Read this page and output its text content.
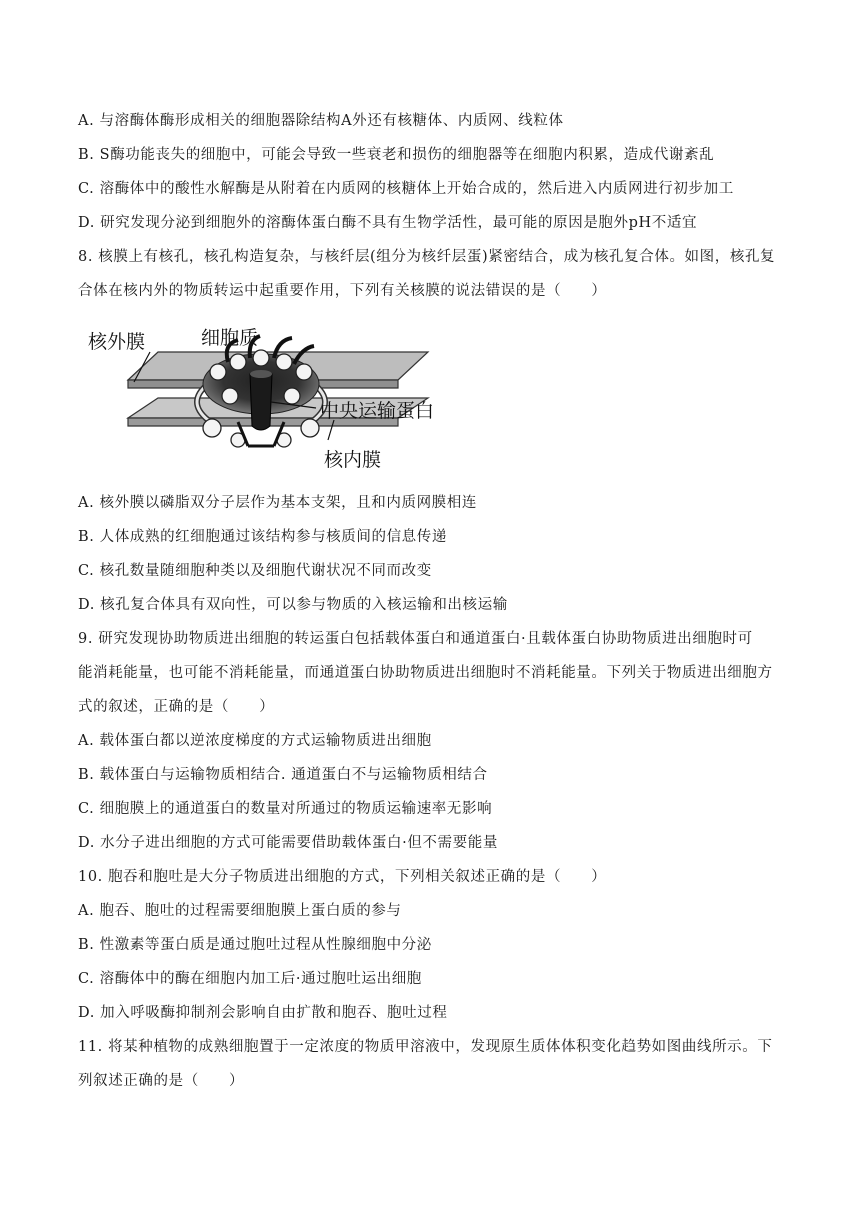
A. 与溶酶体酶形成相关的细胞器除结构A外还有核糖体、内质网、线粒体
B. S酶功能丧失的细胞中，可能会导致一些衰老和损伤的细胞器等在细胞内积累，造成代谢紊乱
C. 溶酶体中的酸性水解酶是从附着在内质网的核糖体上开始合成的，然后进入内质网进行初步加工
D. 研究发现分泌到细胞外的溶酶体蛋白酶不具有生物学活性，最可能的原因是胞外pH不适宜
8. 核膜上有核孔，核孔构造复杂，与核纤层(组分为核纤层蛋)紧密结合，成为核孔复合体。如图，核孔复
合体在核内外的物质转运中起重要作用，下列有关核膜的说法错误的是（　　）
核外膜	细胞质
中央运输蛋白
核内膜
A. 核外膜以磷脂双分子层作为基本支架，且和内质网膜相连
B. 人体成熟的红细胞通过该结构参与核质间的信息传递
C. 核孔数量随细胞种类以及细胞代谢状况不同而改变
D. 核孔复合体具有双向性，可以参与物质的入核运输和出核运输
9. 研究发现协助物质进出细胞的转运蛋白包括载体蛋白和通道蛋白·且载体蛋白协助物质进出细胞时可
能消耗能量，也可能不消耗能量，而通道蛋白协助物质进出细胞时不消耗能量。下列关于物质进出细胞方
式的叙述，正确的是（　　）
A. 载体蛋白都以逆浓度梯度的方式运输物质进出细胞
B. 载体蛋白与运输物质相结合. 通道蛋白不与运输物质相结合
C. 细胞膜上的通道蛋白的数量对所通过的物质运输速率无影响
D. 水分子进出细胞的方式可能需要借助载体蛋白·但不需要能量
10. 胞吞和胞吐是大分子物质进出细胞的方式，下列相关叙述正确的是（　　）
A. 胞吞、胞吐的过程需要细胞膜上蛋白质的参与
B. 性激素等蛋白质是通过胞吐过程从性腺细胞中分泌
C. 溶酶体中的酶在细胞内加工后·通过胞吐运出细胞
D. 加入呼吸酶抑制剂会影响自由扩散和胞吞、胞吐过程
11. 将某种植物的成熟细胞置于一定浓度的物质甲溶液中，发现原生质体体积变化趋势如图曲线所示。下
列叙述正确的是（　　）
